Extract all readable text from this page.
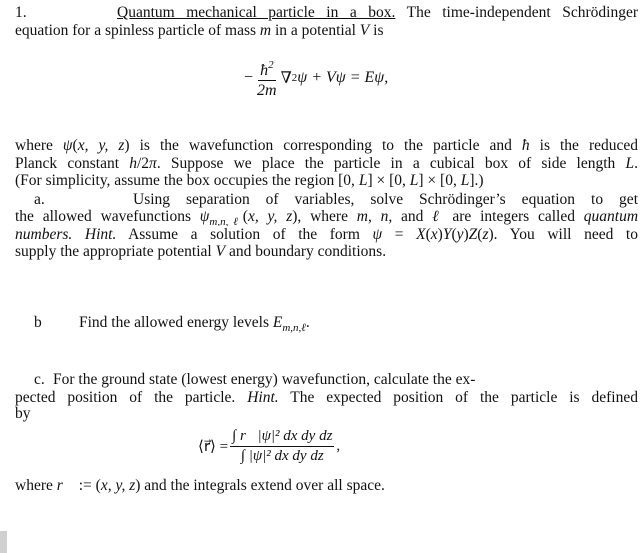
1.	Quantum mechanical particle in a box. The time-independent Schrödinger
equation for a spinless particle of mass m in a potential V is
− $\frac{ħ^2}{2m}$ ∇ 2 ψ + Vψ = Eψ,
where ψ(x, y, z) is the wavefunction corresponding to the particle and ħ is the reduced
Planck constant h/2π. Suppose we place the particle in a cubical box of side length L.
(For simplicity, assume the box occupies the region [0, L] × [0, L] × [0, L].)
a.	Using separation of variables, solve Schrödinger’s equation to get
the allowed wavefunctions $\psi_{m,n,\ell}(x$, y, z), where m, n, and ℓ are integers called quantum
numbers. Hint. Assume a solution of the form ψ = X(x)Y(y)Z(z). You will need to
supply the appropriate potential V and boundary conditions.
b Find the allowed energy levels $E_{m,n,\ell}$.
c. For the ground state (lowest energy) wavefunction, calculate the ex-
pected position of the particle. Hint. The expected position of the particle is defined
by
⟨r⃗⟩ = $\frac{\text{∫ r⃗|ψ|² dx dy dz}}{\text{∫ |ψ|² dx dy dz}}$ ,
where r⃗ := (x, y, z) and the integrals extend over all space.
